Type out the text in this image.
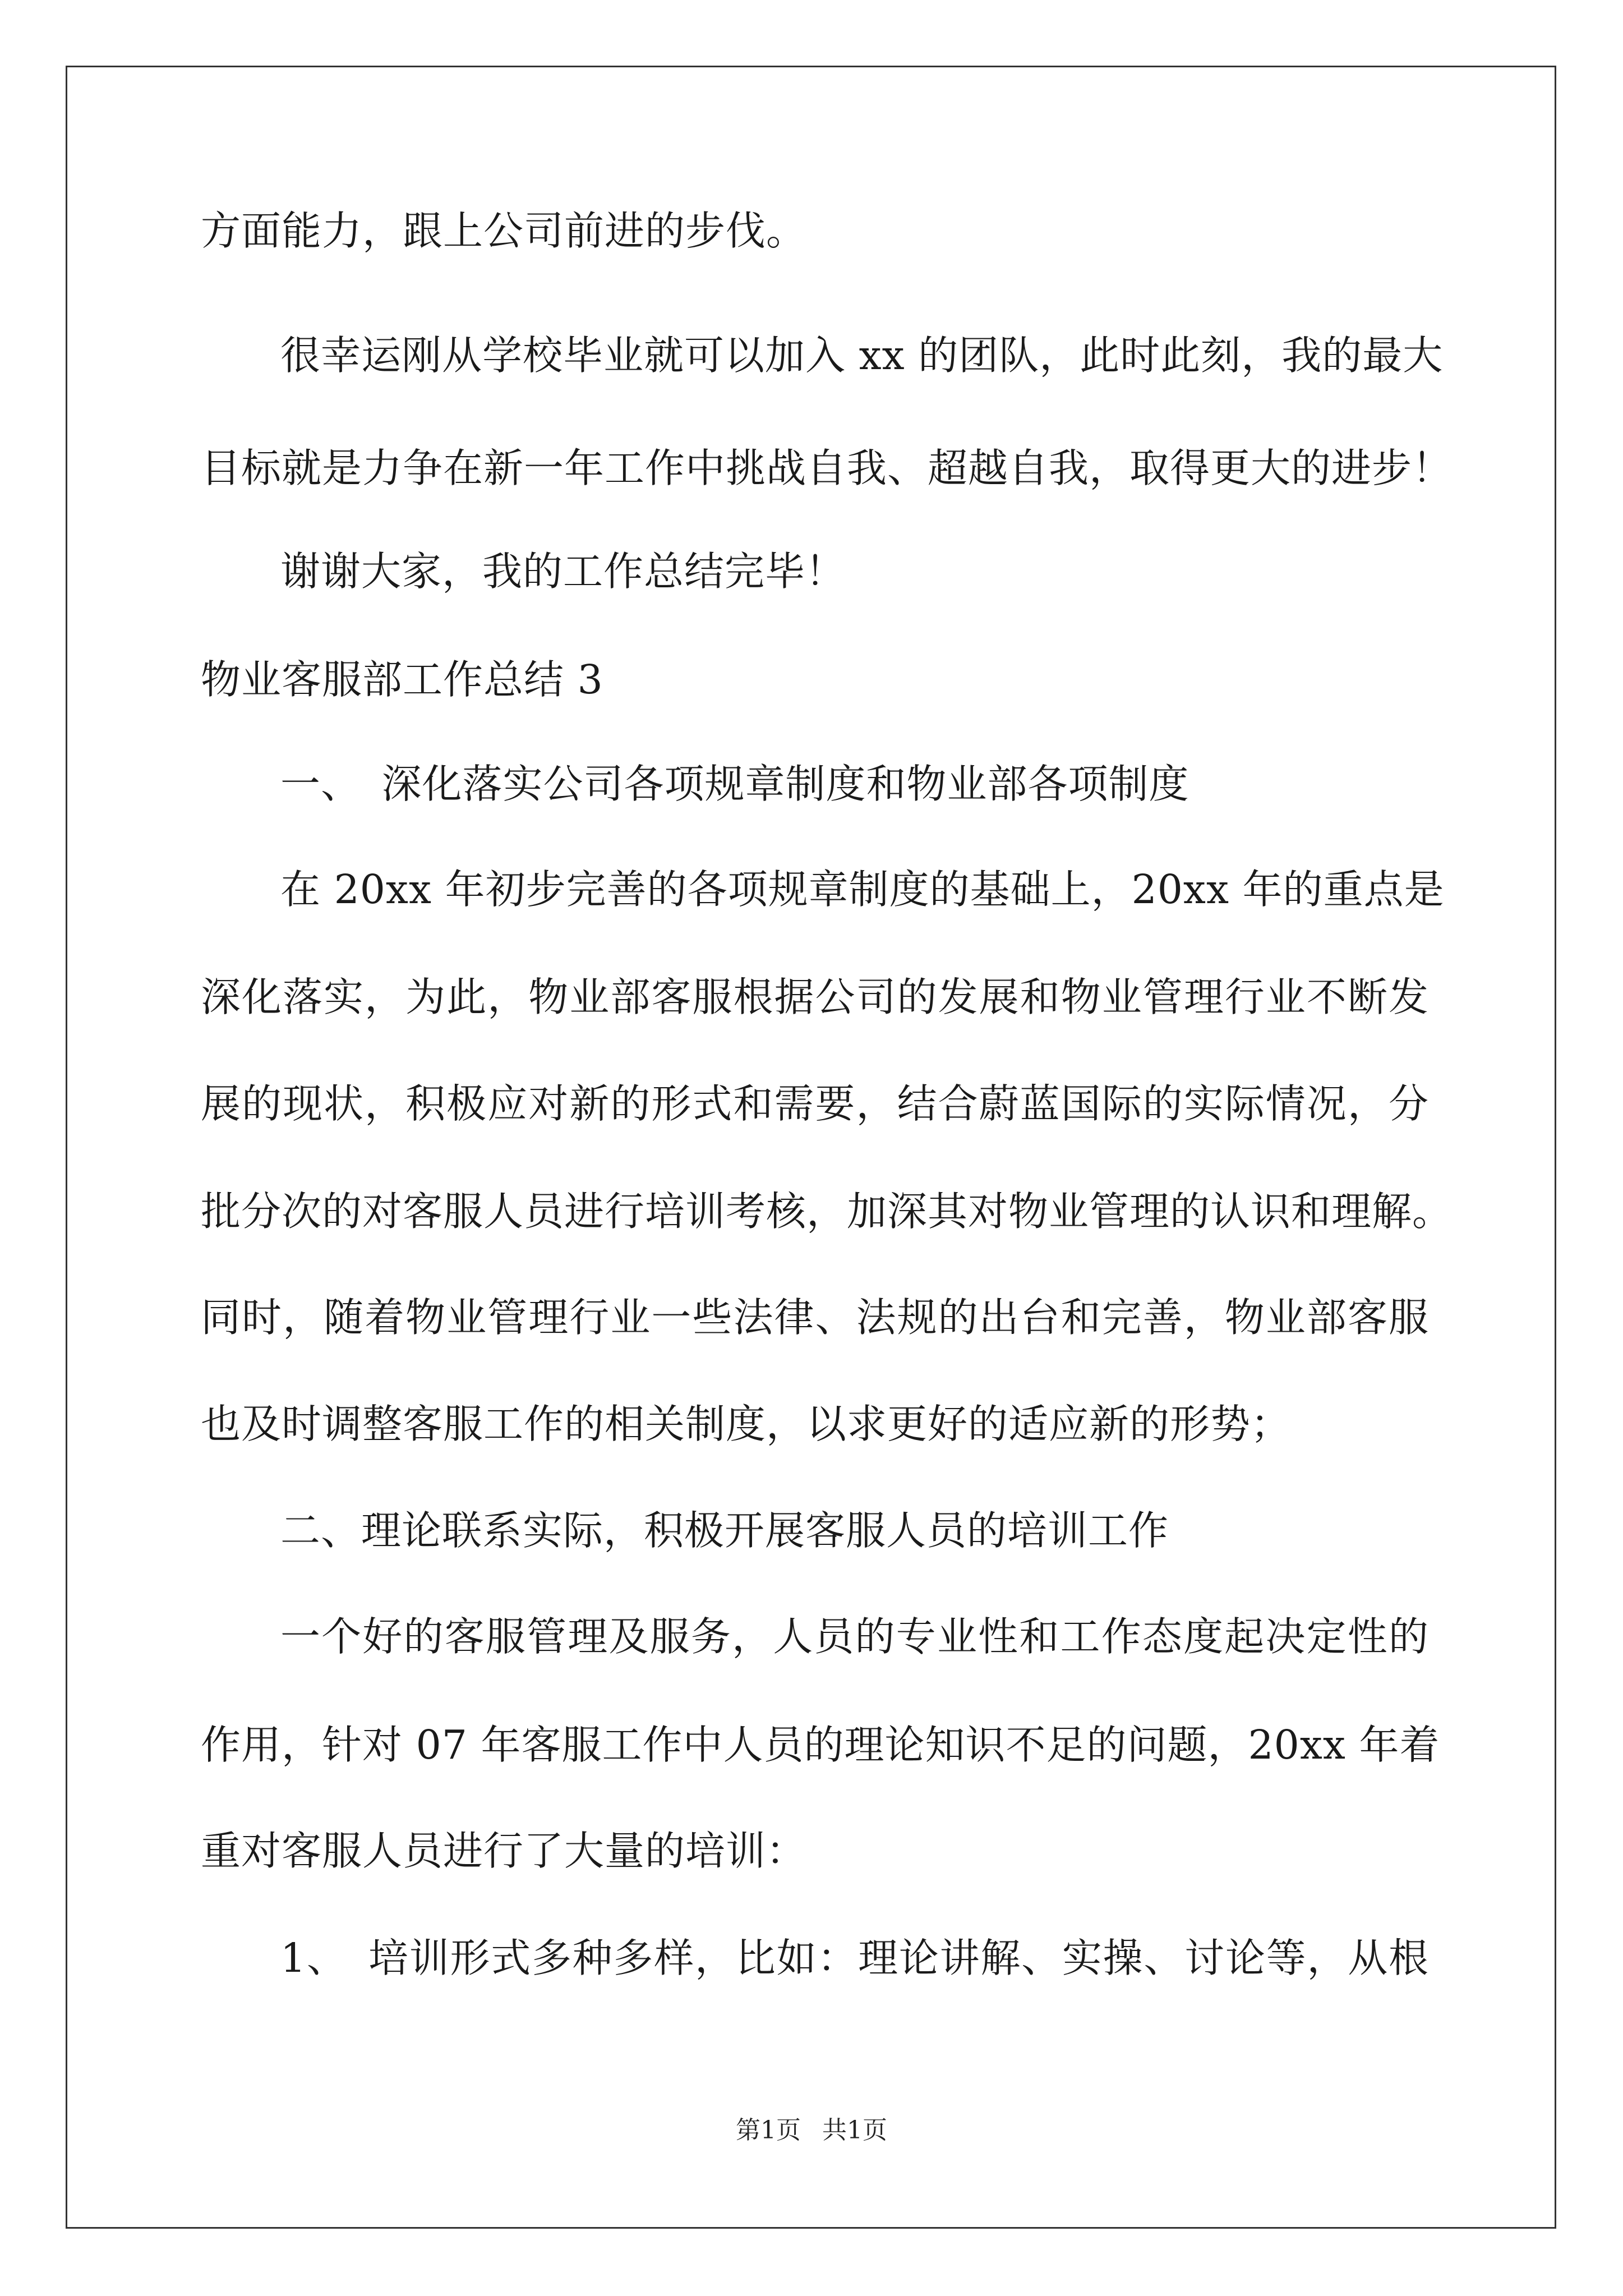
方面能力，跟上公司前进的步伐。
很幸运刚从学校毕业就可以加入 xx 的团队，此时此刻，我的最大
目标就是力争在新一年工作中挑战自我、超越自我，取得更大的进步！
谢谢大家，我的工作总结完毕！
物业客服部工作总结 3
一、　深化落实公司各项规章制度和物业部各项制度
在 20xx 年初步完善的各项规章制度的基础上，20xx 年的重点是
深化落实，为此，物业部客服根据公司的发展和物业管理行业不断发
展的现状，积极应对新的形式和需要，结合蔚蓝国际的实际情况，分
批分次的对客服人员进行培训考核，加深其对物业管理的认识和理解。
同时，随着物业管理行业一些法律、法规的出台和完善，物业部客服
也及时调整客服工作的相关制度，以求更好的适应新的形势；
二、理论联系实际，积极开展客服人员的培训工作
一个好的客服管理及服务，人员的专业性和工作态度起决定性的
作用，针对 07 年客服工作中人员的理论知识不足的问题，20xx 年着
重对客服人员进行了大量的培训：
1、　培训形式多种多样，比如：理论讲解、实操、讨论等，从根
第1页 共1页
